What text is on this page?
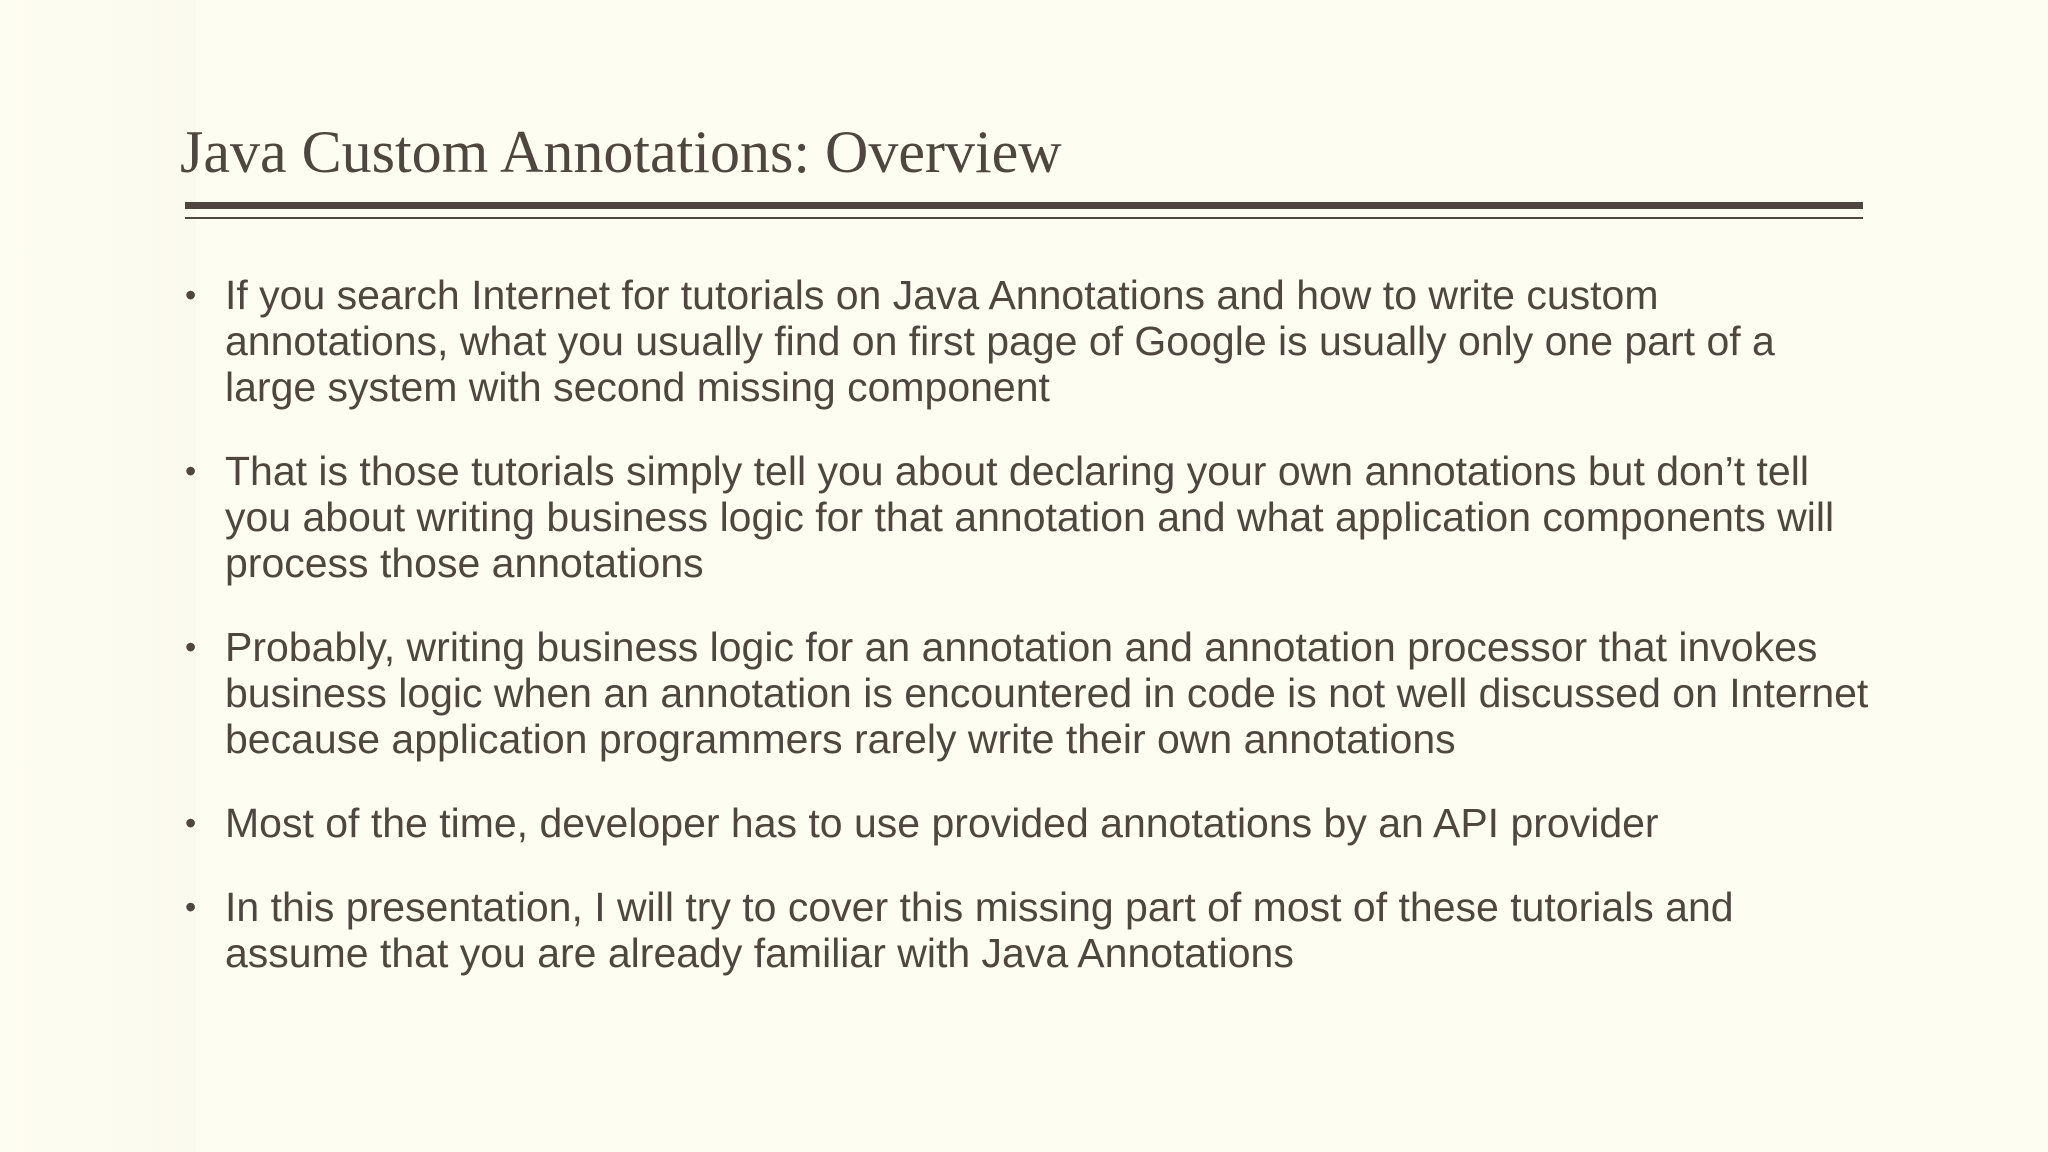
Java Custom Annotations: Overview
• If you search Internet for tutorials on Java Annotations and how to write custom annotations, what you usually find on first page of Google is usually only one part of a large system with second missing component
• That is those tutorials simply tell you about declaring your own annotations but don’t tell you about writing business logic for that annotation and what application components will process those annotations
• Probably, writing business logic for an annotation and annotation processor that invokes business logic when an annotation is encountered in code is not well discussed on Internet because application programmers rarely write their own annotations
• Most of the time, developer has to use provided annotations by an API provider
• In this presentation, I will try to cover this missing part of most of these tutorials and assume that you are already familiar with Java Annotations
